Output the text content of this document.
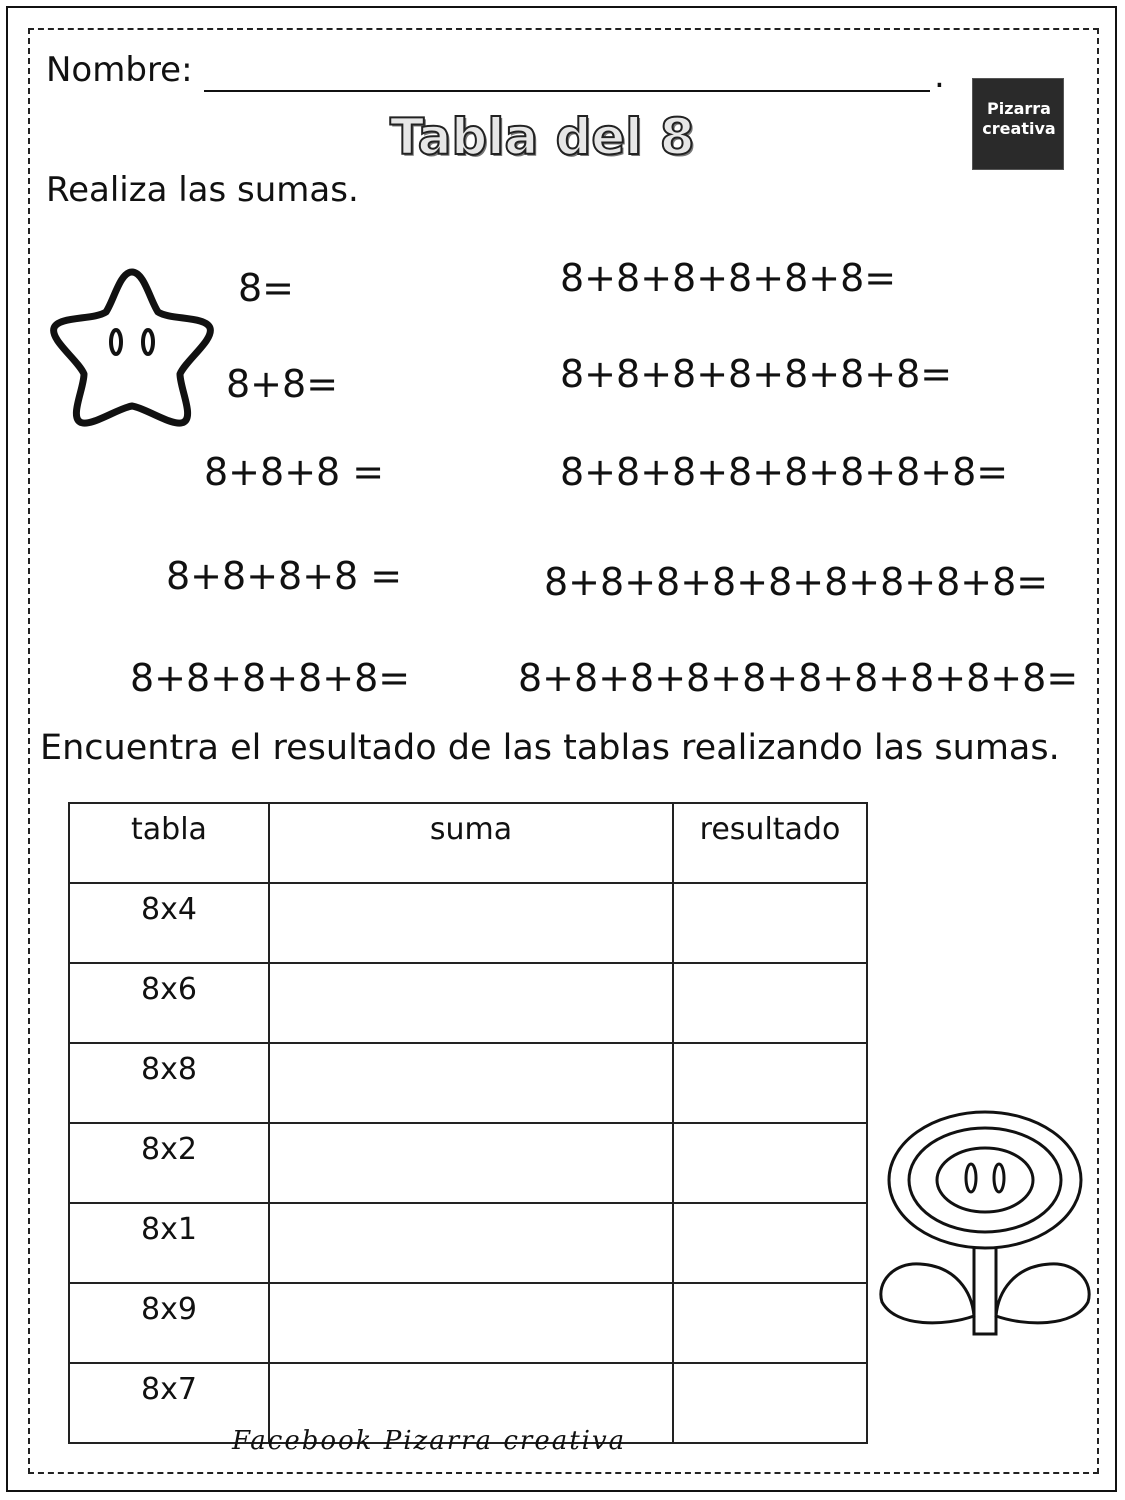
Nombre:	.
Tabla del 8	Pizarra creativa
Realiza las sumas.
8=
8+8=
8+8+8 =
8+8+8+8 =
8+8+8+8+8=
8+8+8+8+8+8=
8+8+8+8+8+8+8=
8+8+8+8+8+8+8+8=
8+8+8+8+8+8+8+8+8=
8+8+8+8+8+8+8+8+8+8=
Encuentra el resultado de las tablas realizando las sumas.
tabla	suma	resultado
8x4		
8x6		
8x8		
8x2		
8x1		
8x9		
8x7		
Facebook Pizarra creativa
